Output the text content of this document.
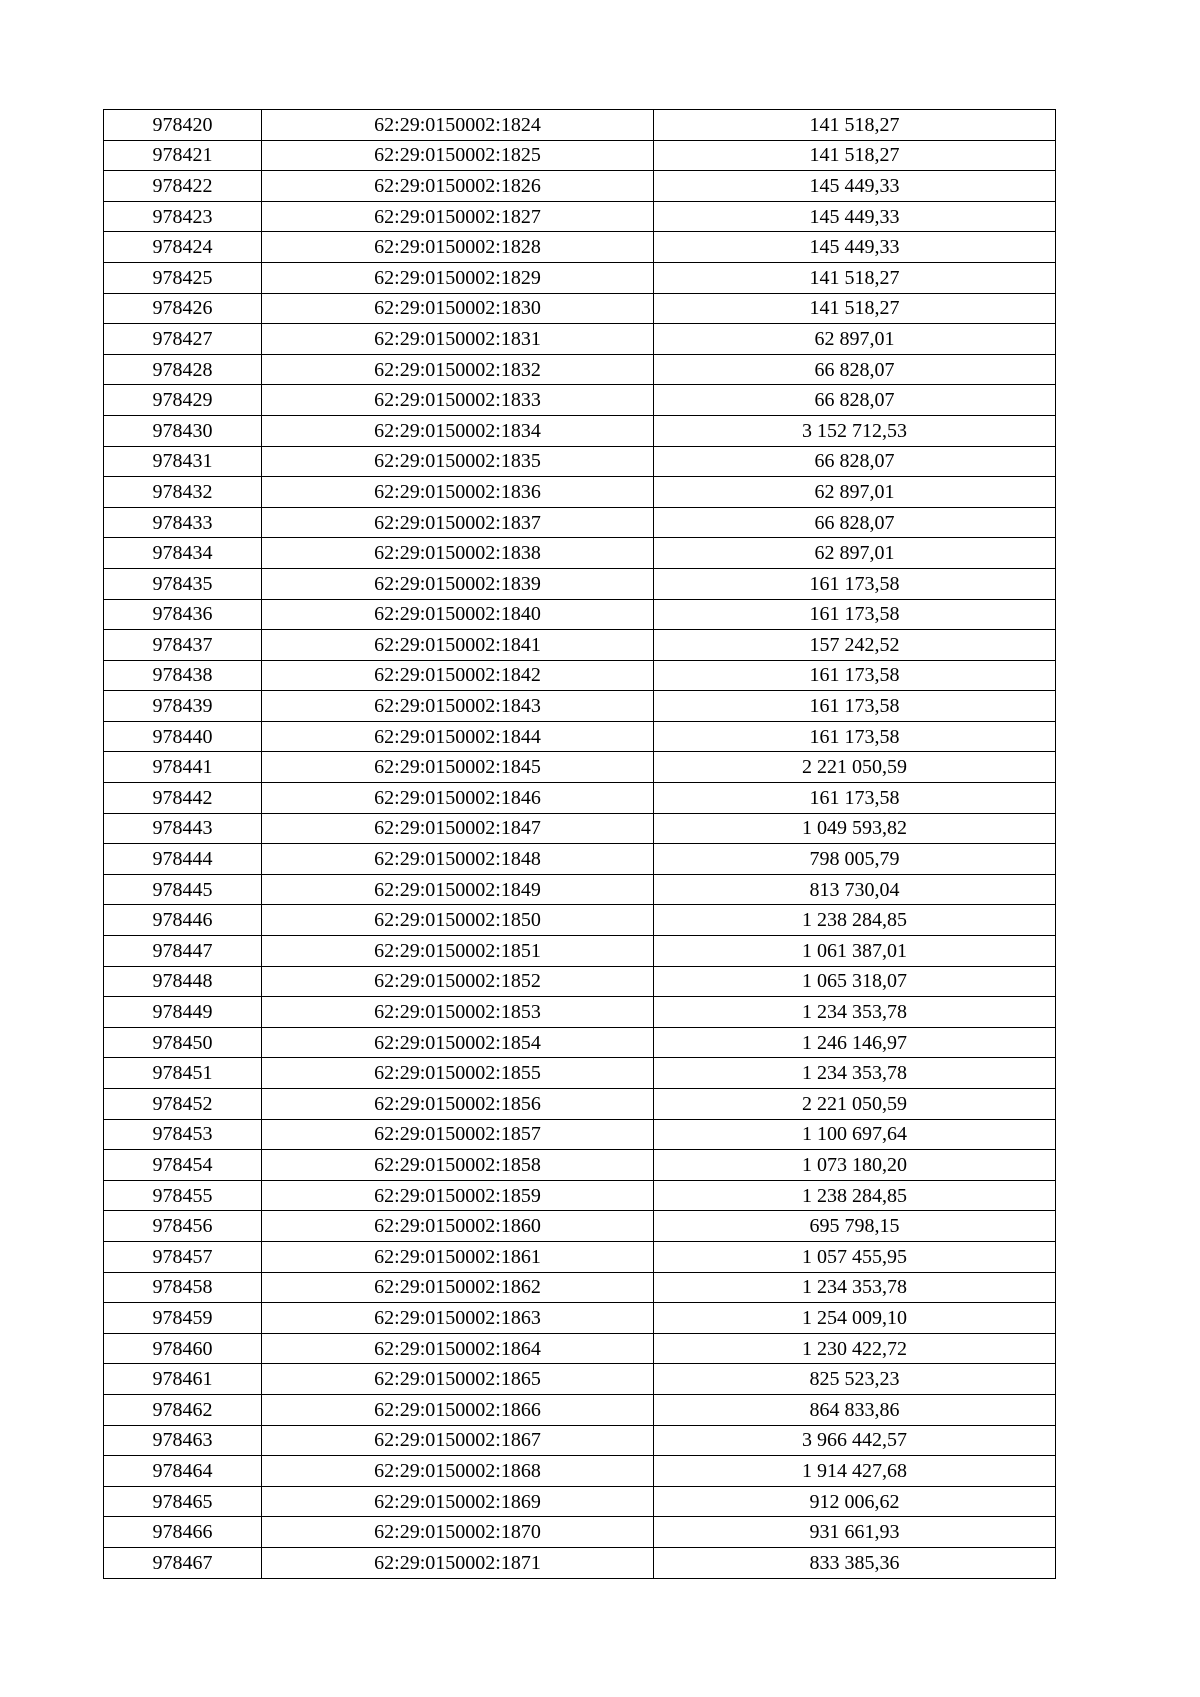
978420	62:29:0150002:1824	141 518,27
978421	62:29:0150002:1825	141 518,27
978422	62:29:0150002:1826	145 449,33
978423	62:29:0150002:1827	145 449,33
978424	62:29:0150002:1828	145 449,33
978425	62:29:0150002:1829	141 518,27
978426	62:29:0150002:1830	141 518,27
978427	62:29:0150002:1831	62 897,01
978428	62:29:0150002:1832	66 828,07
978429	62:29:0150002:1833	66 828,07
978430	62:29:0150002:1834	3 152 712,53
978431	62:29:0150002:1835	66 828,07
978432	62:29:0150002:1836	62 897,01
978433	62:29:0150002:1837	66 828,07
978434	62:29:0150002:1838	62 897,01
978435	62:29:0150002:1839	161 173,58
978436	62:29:0150002:1840	161 173,58
978437	62:29:0150002:1841	157 242,52
978438	62:29:0150002:1842	161 173,58
978439	62:29:0150002:1843	161 173,58
978440	62:29:0150002:1844	161 173,58
978441	62:29:0150002:1845	2 221 050,59
978442	62:29:0150002:1846	161 173,58
978443	62:29:0150002:1847	1 049 593,82
978444	62:29:0150002:1848	798 005,79
978445	62:29:0150002:1849	813 730,04
978446	62:29:0150002:1850	1 238 284,85
978447	62:29:0150002:1851	1 061 387,01
978448	62:29:0150002:1852	1 065 318,07
978449	62:29:0150002:1853	1 234 353,78
978450	62:29:0150002:1854	1 246 146,97
978451	62:29:0150002:1855	1 234 353,78
978452	62:29:0150002:1856	2 221 050,59
978453	62:29:0150002:1857	1 100 697,64
978454	62:29:0150002:1858	1 073 180,20
978455	62:29:0150002:1859	1 238 284,85
978456	62:29:0150002:1860	695 798,15
978457	62:29:0150002:1861	1 057 455,95
978458	62:29:0150002:1862	1 234 353,78
978459	62:29:0150002:1863	1 254 009,10
978460	62:29:0150002:1864	1 230 422,72
978461	62:29:0150002:1865	825 523,23
978462	62:29:0150002:1866	864 833,86
978463	62:29:0150002:1867	3 966 442,57
978464	62:29:0150002:1868	1 914 427,68
978465	62:29:0150002:1869	912 006,62
978466	62:29:0150002:1870	931 661,93
978467	62:29:0150002:1871	833 385,36
